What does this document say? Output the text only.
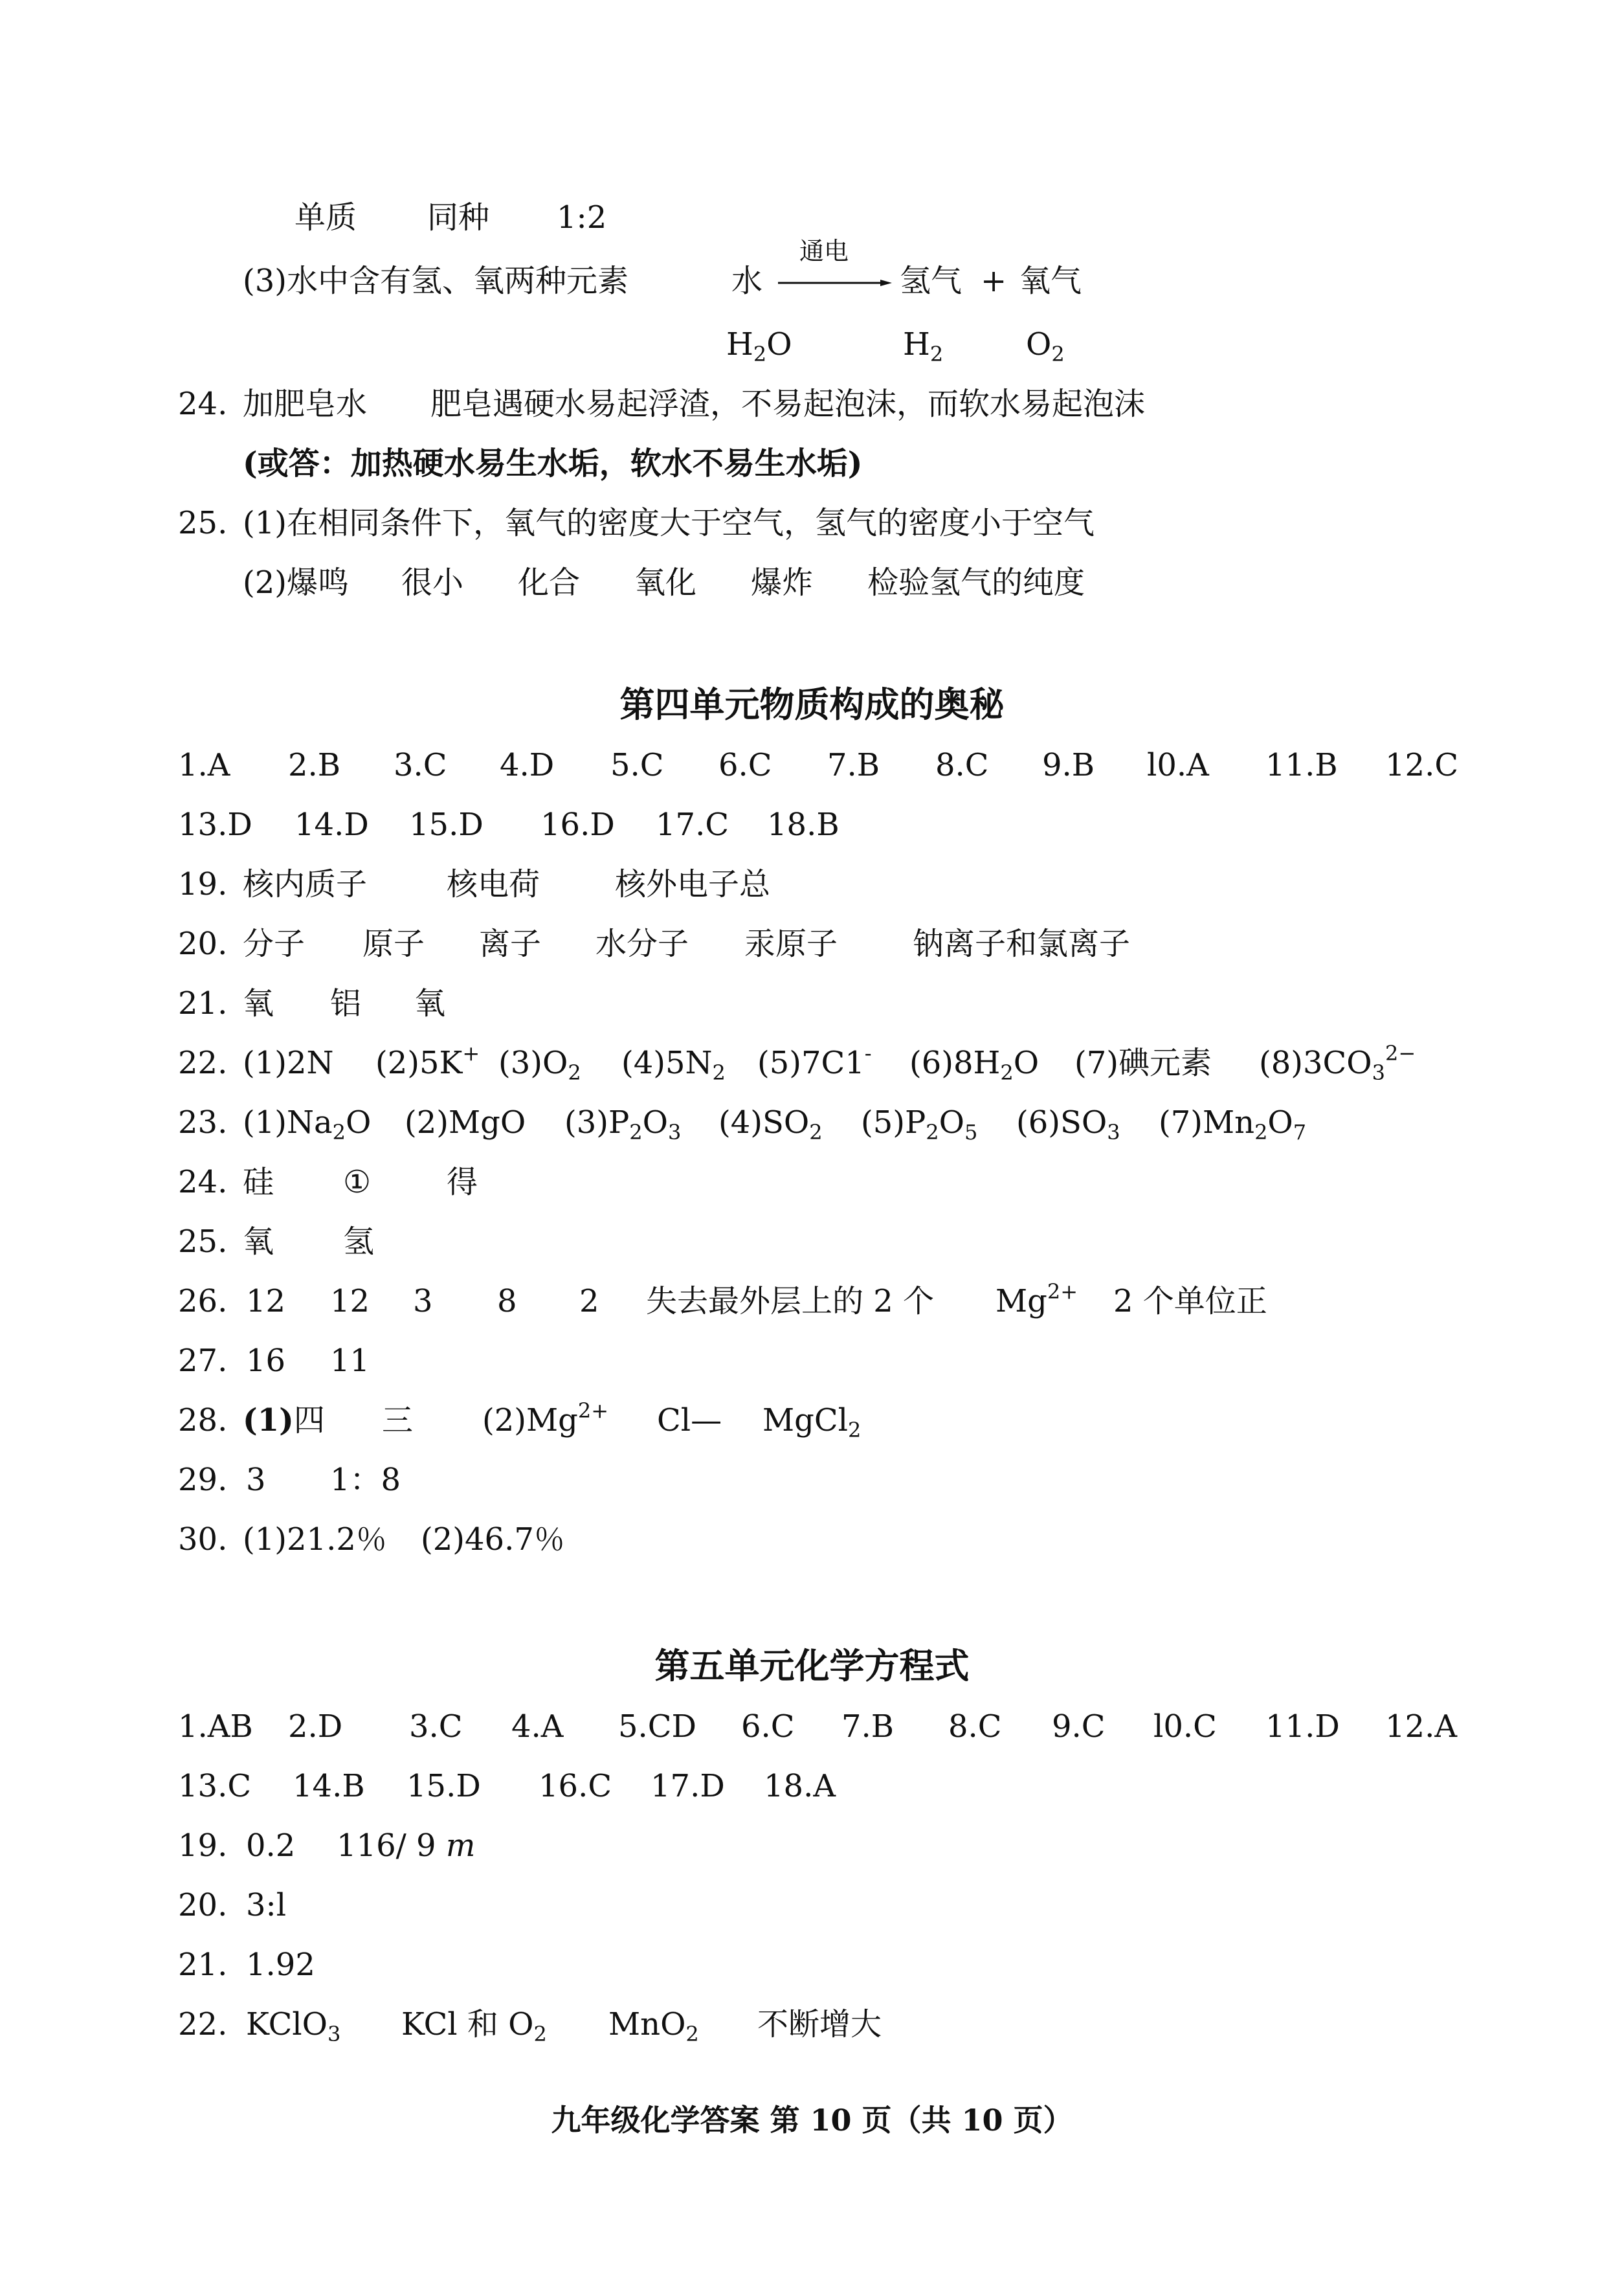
单质 同种 1:2
(3)水中含有氢、氧两种元素	水
通电
氢气 + 氧气
$H_2O$	$H_2$	$O_2$
24. 加肥皂水 肥皂遇硬水易起浮渣，不易起泡沫，而软水易起泡沫
(或答：加热硬水易生水垢，软水不易生水垢)
25. (1)在相同条件下，氧气的密度大于空气，氢气的密度小于空气
(2)爆鸣 很小 化合 氧化 爆炸 检验氢气的纯度
第四单元物质构成的奥秘
1.A 2.B 3.C 4.D 5.C 6.C 7.B 8.C 9.B l0.A 11.B 12.C
13.D 14.D 15.D 16.D 17.C 18.B
19. 核内质子	核电荷 核外电子总
20. 分子 原子 离子 水分子 汞原子 钠离子和氯离子
21. 氧 铝 氧
22. (1)2N (2)5K+ $(3)O_2$ $(4)5N_2$ (5)7C1- $(6)8H_2O$ (7)碘元素 $(8)3CO_3^{2-}$
23. $(1)Na_2O$ (2)MgO $(3)P_2O_3$ $(4)SO_2$ $(5)P_2O_5$ $(6)SO_3$ $(7)Mn_2O_7$
24. 硅 ① 得
25. 氧 氢
26. 12 12 3 8 2 失去最外层上的 2 个 $Mg^{2+}$ 2 个单位正
27. 16 11
28. (1)四 三 $(2)Mg^{2+}$ Cl— MgCl$_2$
29. 3 1：8
30. (1)21.2％ (2)46.7％
第五单元化学方程式
1.AB 2.D 3.C 4.A 5.CD 6.C 7.B 8.C 9.C l0.C 11.D 12.A
13.C 14.B 15.D 16.C 17.D 18.A
19. 0.2 116/ 9 m
20. 3:l
21. 1.92
22. KClO$_3$ KCl 和 $O_2$ MnO$_2$ 不断增大
九年级化学答案 第 10 页（共 10 页）
